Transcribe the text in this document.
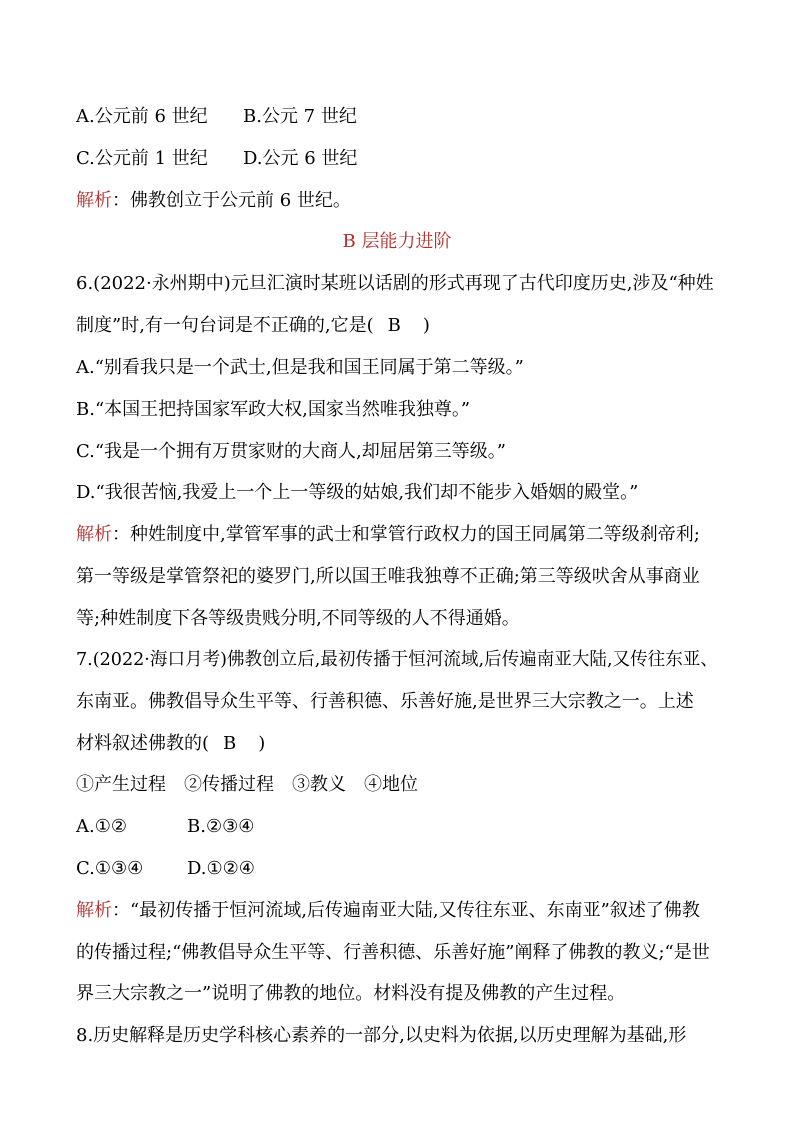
A.公元前 6 世纪 B.公元 7 世纪
C.公元前 1 世纪 D.公元 6 世纪
解析：佛教创立于公元前 6 世纪。
B 层能力进阶
6.(2022·永州期中)元旦汇演时某班以话剧的形式再现了古代印度历史,涉及“种姓
制度”时,有一句台词是不正确的,它是( B )
A.“别看我只是一个武士,但是我和国王同属于第二等级。”
B.“本国王把持国家军政大权,国家当然唯我独尊。”
C.“我是一个拥有万贯家财的大商人,却屈居第三等级。”
D.“我很苦恼,我爱上一个上一等级的姑娘,我们却不能步入婚姻的殿堂。”
解析：种姓制度中,掌管军事的武士和掌管行政权力的国王同属第二等级刹帝利;
第一等级是掌管祭祀的婆罗门,所以国王唯我独尊不正确;第三等级吠舍从事商业
等;种姓制度下各等级贵贱分明,不同等级的人不得通婚。
7.(2022·海口月考)佛教创立后,最初传播于恒河流域,后传遍南亚大陆,又传往东亚、
东南亚。佛教倡导众生平等、行善积德、乐善好施,是世界三大宗教之一。上述
材料叙述佛教的( B )
①产生过程　②传播过程　③教义　④地位
A.①②	B.②③④
C.①③④ D.①②④
解析：“最初传播于恒河流域,后传遍南亚大陆,又传往东亚、东南亚”叙述了佛教
的传播过程;“佛教倡导众生平等、行善积德、乐善好施”阐释了佛教的教义;“是世
界三大宗教之一”说明了佛教的地位。材料没有提及佛教的产生过程。
8.历史解释是历史学科核心素养的一部分,以史料为依据,以历史理解为基础,形
